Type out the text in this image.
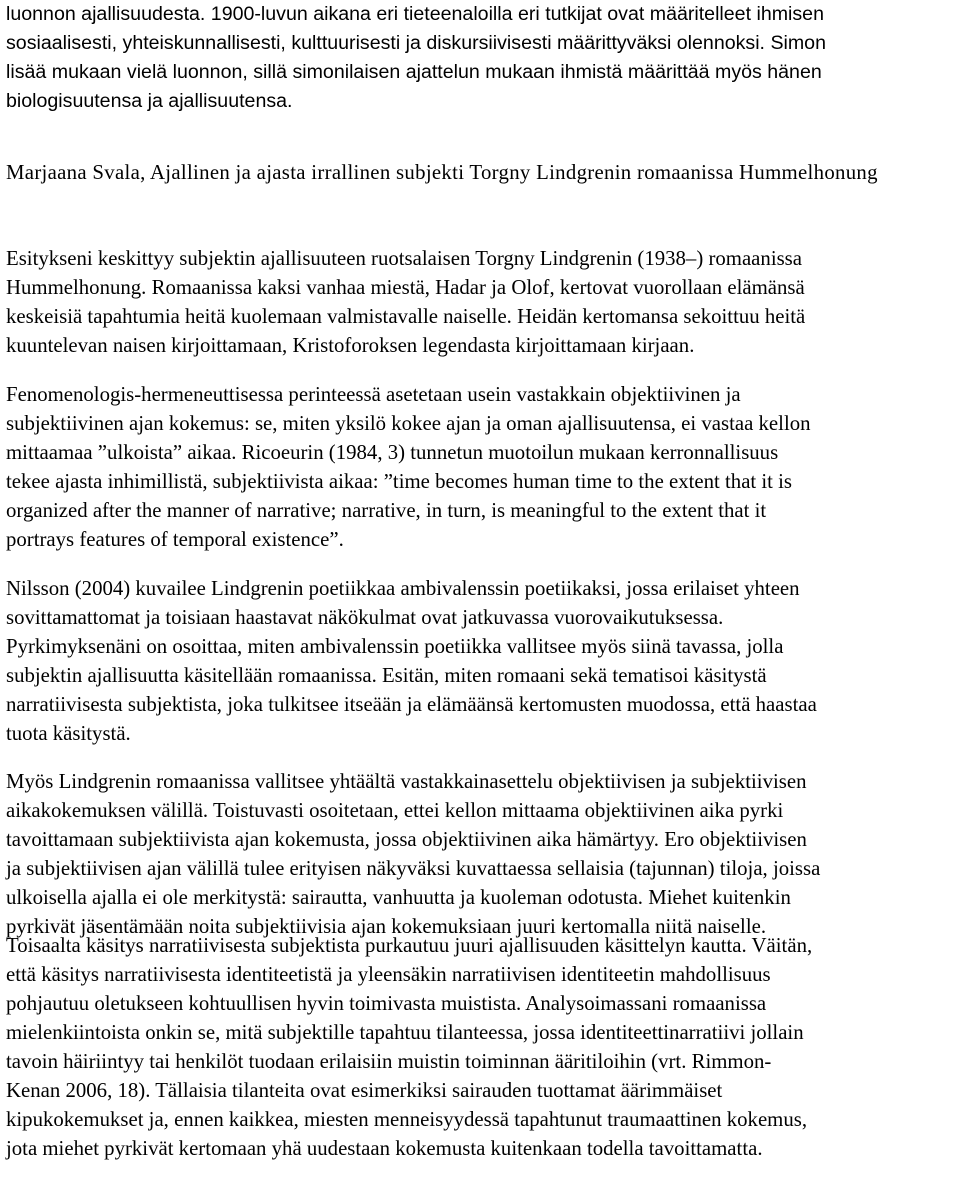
luonnon ajallisuudesta. 1900-luvun aikana eri tieteenaloilla eri tutkijat ovat määritelleet ihmisen
sosiaalisesti, yhteiskunnallisesti, kulttuurisesti ja diskursiivisesti määrittyväksi olennoksi. Simon
lisää mukaan vielä luonnon, sillä simonilaisen ajattelun mukaan ihmistä määrittää myös hänen
biologisuutensa ja ajallisuutensa.

Marjaana Svala, Ajallinen ja ajasta irrallinen subjekti Torgny Lindgrenin romaanissa Hummelhonung

Esitykseni keskittyy subjektin ajallisuuteen ruotsalaisen Torgny Lindgrenin (1938–) romaanissa
Hummelhonung. Romaanissa kaksi vanhaa miestä, Hadar ja Olof, kertovat vuorollaan elämänsä
keskeisiä tapahtumia heitä kuolemaan valmistavalle naiselle. Heidän kertomansa sekoittuu heitä
kuuntelevan naisen kirjoittamaan, Kristoforoksen legendasta kirjoittamaan kirjaan.

Fenomenologis-hermeneuttisessa perinteessä asetetaan usein vastakkain objektiivinen ja
subjektiivinen ajan kokemus: se, miten yksilö kokee ajan ja oman ajallisuutensa, ei vastaa kellon
mittaamaa ”ulkoista” aikaa. Ricoeurin (1984, 3) tunnetun muotoilun mukaan kerronnallisuus
tekee ajasta inhimillistä, subjektiivista aikaa: ”time becomes human time to the extent that it is
organized after the manner of narrative; narrative, in turn, is meaningful to the extent that it
portrays features of temporal existence”.

Nilsson (2004) kuvailee Lindgrenin poetiikkaa ambivalenssin poetiikaksi, jossa erilaiset yhteen
sovittamattomat ja toisiaan haastavat näkökulmat ovat jatkuvassa vuorovaikutuksessa.
Pyrkimyksenäni on osoittaa, miten ambivalenssin poetiikka vallitsee myös siinä tavassa, jolla
subjektin ajallisuutta käsitellään romaanissa. Esitän, miten romaani sekä tematisoi käsitystä
narratiivisesta subjektista, joka tulkitsee itseään ja elämäänsä kertomusten muodossa, että haastaa
tuota käsitystä.

Myös Lindgrenin romaanissa vallitsee yhtäältä vastakkainasettelu objektiivisen ja subjektiivisen
aikakokemuksen välillä. Toistuvasti osoitetaan, ettei kellon mittaama objektiivinen aika pyrki
tavoittamaan subjektiivista ajan kokemusta, jossa objektiivinen aika hämärtyy. Ero objektiivisen
ja subjektiivisen ajan välillä tulee erityisen näkyväksi kuvattaessa sellaisia (tajunnan) tiloja, joissa
ulkoisella ajalla ei ole merkitystä: sairautta, vanhuutta ja kuoleman odotusta. Miehet kuitenkin
pyrkivät jäsentämään noita subjektiivisia ajan kokemuksiaan juuri kertomalla niitä naiselle.

Toisaalta käsitys narratiivisesta subjektista purkautuu juuri ajallisuuden käsittelyn kautta. Väitän,
että käsitys narratiivisesta identiteetistä ja yleensäkin narratiivisen identiteetin mahdollisuus
pohjautuu oletukseen kohtuullisen hyvin toimivasta muistista. Analysoimassani romaanissa
mielenkiintoista onkin se, mitä subjektille tapahtuu tilanteessa, jossa identiteettinarratiivi jollain
tavoin häiriintyy tai henkilöt tuodaan erilaisiin muistin toiminnan ääritiloihin (vrt. Rimmon-
Kenan 2006, 18). Tällaisia tilanteita ovat esimerkiksi sairauden tuottamat äärimmäiset
kipukokemukset ja, ennen kaikkea, miesten menneisyydessä tapahtunut traumaattinen kokemus,
jota miehet pyrkivät kertomaan yhä uudestaan kokemusta kuitenkaan todella tavoittamatta.
